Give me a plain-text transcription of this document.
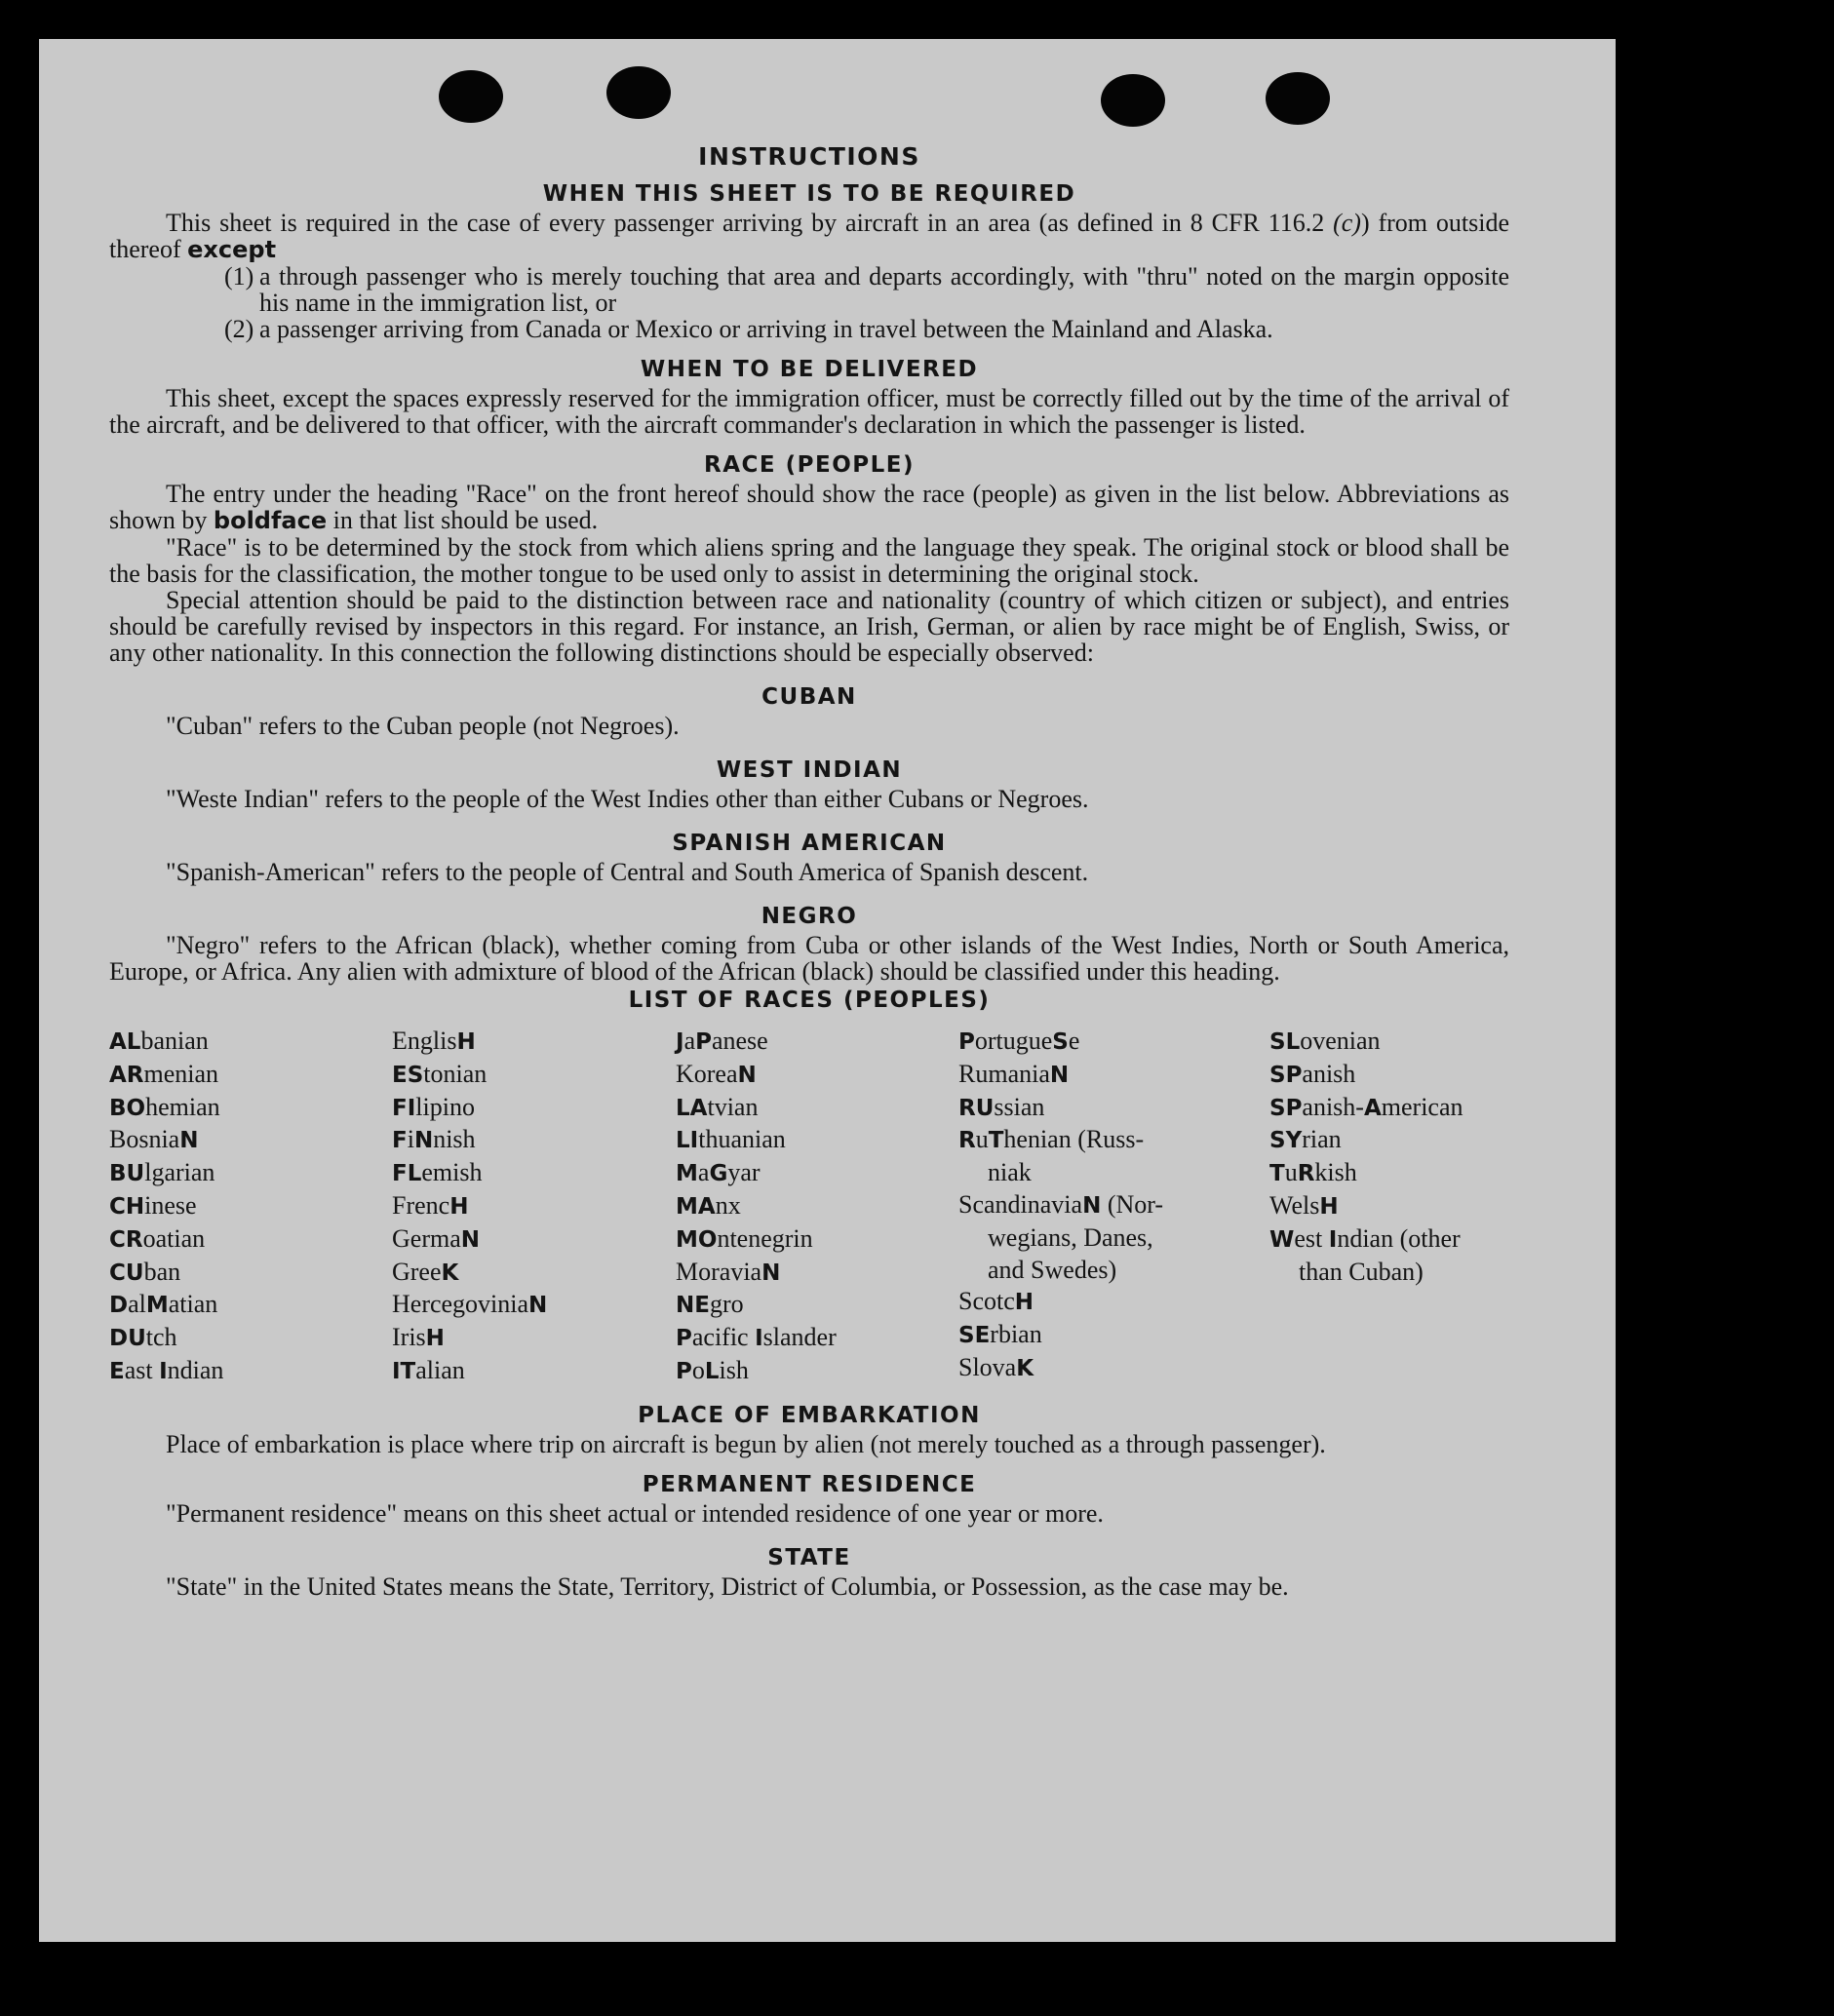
INSTRUCTIONS
WHEN THIS SHEET IS TO BE REQUIRED

This sheet is required in the case of every passenger arriving by aircraft in an area (as defined in 8 CFR 116.2 (c)) from outside thereof except

(1) a through passenger who is merely touching that area and departs accordingly, with "thru" noted on the margin opposite his name in the immigration list, or
(2) a passenger arriving from Canada or Mexico or arriving in travel between the Mainland and Alaska.
WHEN TO BE DELIVERED

This sheet, except the spaces expressly reserved for the immigration officer, must be correctly filled out by the time of the arrival of the aircraft, and be delivered to that officer, with the aircraft commander's declaration in which the passenger is listed.

RACE (PEOPLE)

The entry under the heading "Race" on the front hereof should show the race (people) as given in the list below. Abbreviations as shown by boldface in that list should be used.

"Race" is to be determined by the stock from which aliens spring and the language they speak. The original stock or blood shall be the basis for the classification, the mother tongue to be used only to assist in determining the original stock.

Special attention should be paid to the distinction between race and nationality (country of which citizen or subject), and entries should be carefully revised by inspectors in this regard. For instance, an Irish, German, or alien by race might be of English, Swiss, or any other nationality. In this connection the following distinctions should be especially observed:

CUBAN

"Cuban" refers to the Cuban people (not Negroes).

WEST INDIAN

"Weste Indian" refers to the people of the West Indies other than either Cubans or Negroes.

SPANISH AMERICAN

"Spanish-American" refers to the people of Central and South America of Spanish descent.

NEGRO

"Negro" refers to the African (black), whether coming from Cuba or other islands of the West Indies, North or South America, Europe, or Africa. Any alien with admixture of blood of the African (black) should be classified under this heading.

LIST OF RACES (PEOPLES)
ALbanian
ARmenian
BOhemian
BosniaN
BUlgarian
CHinese
CRoatian
CUban
DalMatian
DUtch
East Indian
EnglisH
EStonian
FIlipino
FiNnish
FLemish
FrencH
GermaN
GreeK
HercegoviniaN
IrisH
ITalian
JaPanese
KoreaN
LAtvian
LIthuanian
MaGyar
MAnx
MOntenegrin
MoraviaN
NEgro
Pacific Islander
PoLish
PortugueSe
RumaniaN
RUssian
RuThenian (Russ-
niak
ScandinaviaN (Nor-
wegians, Danes,
and Swedes)
ScotcH
SErbian
SlovaK
SLovenian
SPanish
SPanish-American
SYrian
TuRkish
WelsH
West Indian (other
than Cuban)
PLACE OF EMBARKATION

Place of embarkation is place where trip on aircraft is begun by alien (not merely touched as a through passenger).

PERMANENT RESIDENCE

"Permanent residence" means on this sheet actual or intended residence of one year or more.

STATE

"State" in the United States means the State, Territory, District of Columbia, or Possession, as the case may be.
